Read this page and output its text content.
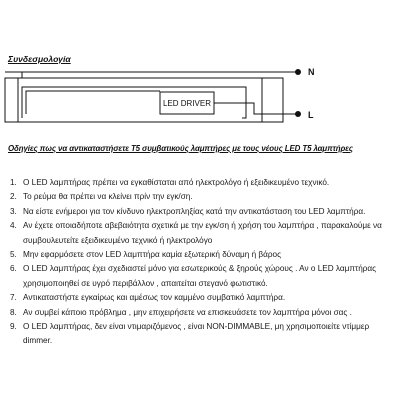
Συνδεσμολογία
LED DRIVER
N
L
Οδηγίες πως να αντικαταστήσετε Τ5 συμβατικούς λαμπτήρες με τους νέους LED T5 λαμπτήρες
1. Ο LED λαμπτήρας πρέπει να εγκαθίσταται από ηλεκτρολόγο ή εξειδικευμένο τεχνικό.
2. Το ρεύμα θα πρέπει να κλείνει πρίν την εγκ/ση.
3. Να είστε ενήμεροι για τον κίνδυνο ηλεκτροπληξίας κατά την αντικατάσταση του LED λαμπτήρα.
4. Αν έχετε οποιαδήποτε αβεβαιότητα σχετικά με την εγκ/ση ή χρήση του λαμπτήρα , παρακαλούμε να συμβουλευτείτε εξειδικευμένο τεχνικό ή ηλεκτρολόγο
5. Μην εφαρμόσετε στον LED λαμπτήρα καμία εξωτερική δύναμη ή βάρος
6. Ο LED λαμπτήρας έχει σχεδιαστεί μόνο για εσωτερικούς & ξηρούς χώρους . Αν ο LED λαμπτήρας χρησιμοποιηθεί σε υγρό περιβάλλον , απαιτείται στεγανό φωτιστικό.
7. Αντικαταστήστε εγκαίρως και αμέσως τον καμμένο συμβατικό λαμπτήρα.
8. Αν συμβεί κάποιο πρόβλημα , μην επιχειρήσετε να επισκευάσετε τον λαμπτήρα μόνοι σας .
9. Ο LED λαμπτήρας, δεν είναι ντιμαριζόμενος , είναι NON-DIMMABLE, μη χρησιμοποιείτε ντίμμερ dimmer.
